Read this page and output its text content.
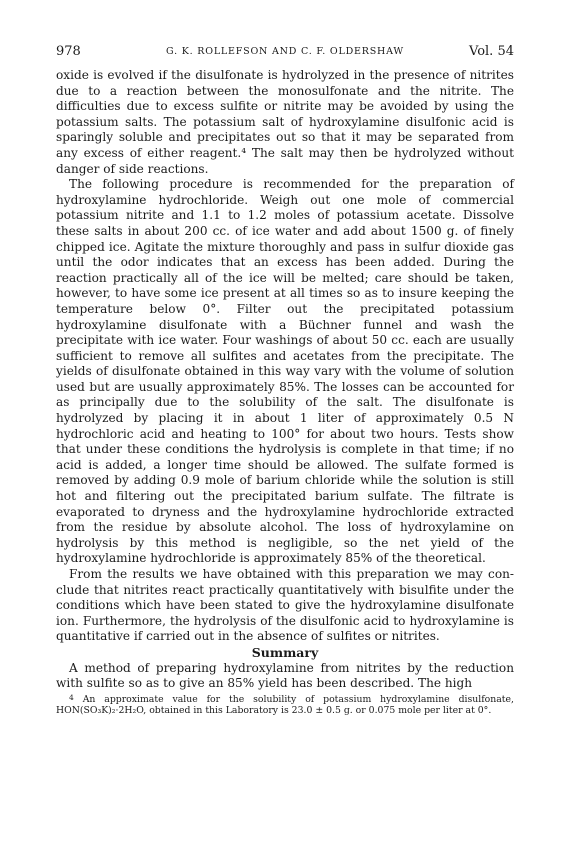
978	G. K. ROLLEFSON AND C. F. OLDERSHAW	Vol. 54

oxide is evolved if the disulfonate is hydrolyzed in the presence of nitrites due to a reaction between the monosulfonate and the nitrite. The difficulties due to excess sulfite or nitrite may be avoided by using the potassium salts. The potassium salt of hydroxylamine disulfonic acid is sparingly soluble and precipitates out so that it may be separated from any excess of either reagent.⁴ The salt may then be hydrolyzed without danger of side reactions.

The following procedure is recommended for the preparation of hydroxylamine hydrochloride. Weigh out one mole of commercial potassium nitrite and 1.1 to 1.2 moles of potassium acetate. Dissolve these salts in about 200 cc. of ice water and add about 1500 g. of finely chipped ice. Agitate the mixture thoroughly and pass in sulfur dioxide gas until the odor indicates that an excess has been added. During the reaction practically all of the ice will be melted; care should be taken, however, to have some ice present at all times so as to insure keeping the temperature below 0°. Filter out the precipitated potassium hydroxylamine disulfonate with a Büchner funnel and wash the precipitate with ice water. Four washings of about 50 cc. each are usually sufficient to remove all sulfites and acetates from the precipitate. The yields of disulfonate obtained in this way vary with the volume of solution used but are usually approximately 85%. The losses can be accounted for as principally due to the solubility of the salt. The disulfonate is hydrolyzed by placing it in about 1 liter of approximately 0.5 N hydrochloric acid and heating to 100° for about two hours. Tests show that under these conditions the hydrolysis is complete in that time; if no acid is added, a longer time should be allowed. The sulfate formed is removed by adding 0.9 mole of barium chloride while the solution is still hot and filtering out the precipitated barium sulfate. The filtrate is evaporated to dryness and the hydroxylamine hydrochloride extracted from the residue by absolute alcohol. The loss of hydroxylamine on hydrolysis by this method is negligible, so the net yield of the hydroxylamine hydrochloride is approximately 85% of the theoretical.

From the results we have obtained with this preparation we may conclude that nitrites react practically quantitatively with bisulfite under the conditions which have been stated to give the hydroxylamine disulfonate ion. Furthermore, the hydrolysis of the disulfonic acid to hydroxylamine is quantitative if carried out in the absence of sulfites or nitrites.

Summary

A method of preparing hydroxylamine from nitrites by the reduction with sulfite so as to give an 85% yield has been described. The high

$^4$ An approximate value for the solubility of potassium hydroxylamine disulfonate, HON(SO₃K)₂·2H₂O, obtained in this Laboratory is 23.0 ± 0.5 g. or 0.075 mole per liter at 0°.
